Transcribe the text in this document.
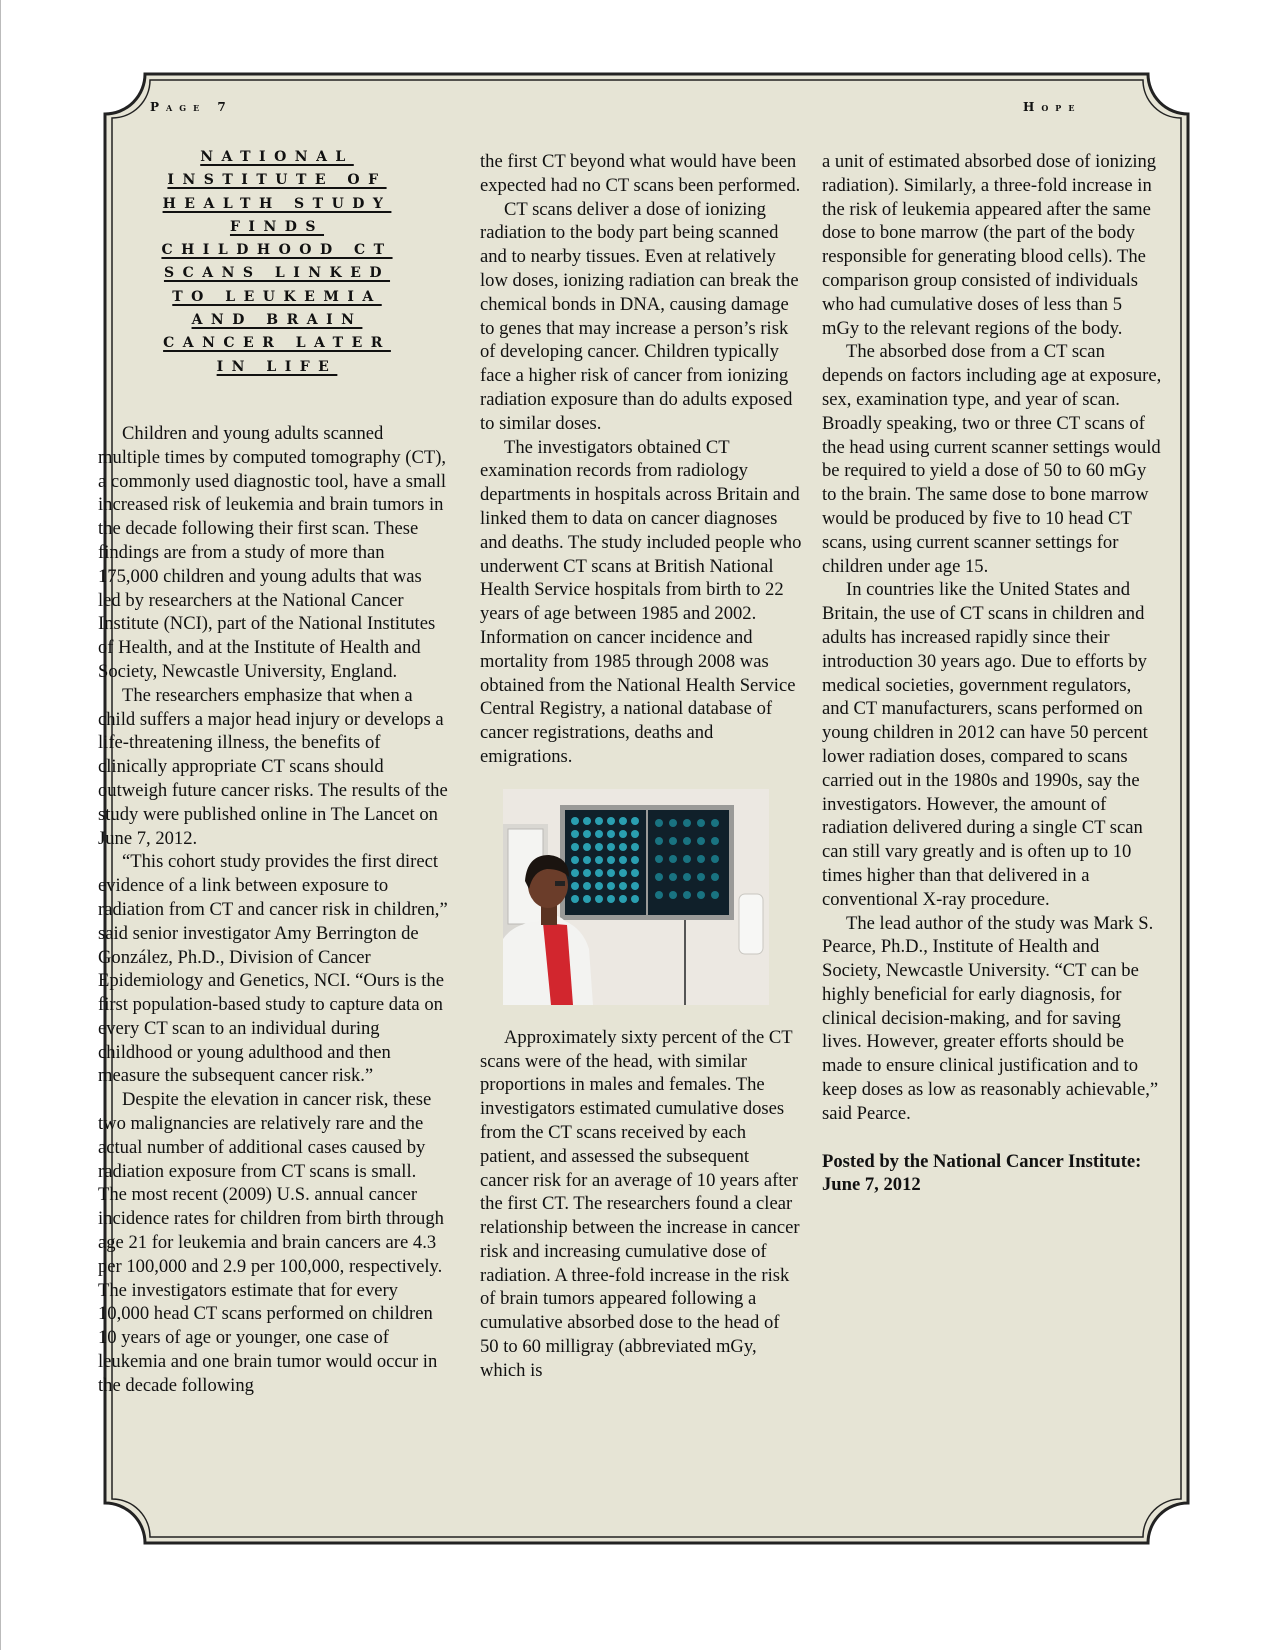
Page 7	Hope
NATIONAL
INSTITUTE OF
HEALTH STUDY
FINDS
CHILDHOOD CT
SCANS LINKED
TO LEUKEMIA
AND BRAIN
CANCER LATER
IN LIFE

Children and young adults scanned multiple times by computed tomography (CT), a commonly used diagnostic tool, have a small increased risk of leukemia and brain tumors in the decade following their first scan. These findings are from a study of more than 175,000 children and young adults that was led by researchers at the National Cancer Institute (NCI), part of the National Institutes of Health, and at the Institute of Health and Society, Newcastle University, England.

The researchers emphasize that when a child suffers a major head injury or develops a life-threatening illness, the benefits of clinically appropriate CT scans should outweigh future cancer risks. The results of the study were published online in The Lancet on June 7, 2012.

“This cohort study provides the first direct evidence of a link between exposure to radiation from CT and cancer risk in children,” said senior investigator Amy Berrington de González, Ph.D., Division of Cancer Epidemiology and Genetics, NCI. “Ours is the first population-based study to capture data on every CT scan to an individual during childhood or young adulthood and then measure the subsequent cancer risk.”

Despite the elevation in cancer risk, these two malignancies are relatively rare and the actual number of additional cases caused by radiation exposure from CT scans is small. The most recent (2009) U.S. annual cancer incidence rates for children from birth through age 21 for leukemia and brain cancers are 4.3 per 100,000 and 2.9 per 100,000, respectively. The investigators estimate that for every 10,000 head CT scans performed on children 10 years of age or younger, one case of leukemia and one brain tumor would occur in the decade following

the first CT beyond what would have been expected had no CT scans been performed.

CT scans deliver a dose of ionizing radiation to the body part being scanned and to nearby tissues. Even at relatively low doses, ionizing radiation can break the chemical bonds in DNA, causing damage to genes that may increase a person’s risk of developing cancer. Children typically face a higher risk of cancer from ionizing radiation exposure than do adults exposed to similar doses.

The investigators obtained CT examination records from radiology departments in hospitals across Britain and linked them to data on cancer diagnoses and deaths. The study included people who underwent CT scans at British National Health Service hospitals from birth to 22 years of age between 1985 and 2002. Information on cancer incidence and mortality from 1985 through 2008 was obtained from the National Health Service Central Registry, a national database of cancer registrations, deaths and emigrations.

Approximately sixty percent of the CT scans were of the head, with similar proportions in males and females. The investigators estimated cumulative doses from the CT scans received by each patient, and assessed the subsequent cancer risk for an average of 10 years after the first CT. The researchers found a clear relationship between the increase in cancer risk and increasing cumulative dose of radiation. A three-fold increase in the risk of brain tumors appeared following a cumulative absorbed dose to the head of 50 to 60 milligray (abbreviated mGy, which is

a unit of estimated absorbed dose of ionizing radiation). Similarly, a three-fold increase in the risk of leukemia appeared after the same dose to bone marrow (the part of the body responsible for generating blood cells). The comparison group consisted of individuals who had cumulative doses of less than 5 mGy to the relevant regions of the body.

The absorbed dose from a CT scan depends on factors including age at exposure, sex, examination type, and year of scan. Broadly speaking, two or three CT scans of the head using current scanner settings would be required to yield a dose of 50 to 60 mGy to the brain. The same dose to bone marrow would be produced by five to 10 head CT scans, using current scanner settings for children under age 15.

In countries like the United States and Britain, the use of CT scans in children and adults has increased rapidly since their introduction 30 years ago. Due to efforts by medical societies, government regulators, and CT manufacturers, scans performed on young children in 2012 can have 50 percent lower radiation doses, compared to scans carried out in the 1980s and 1990s, say the investigators. However, the amount of radiation delivered during a single CT scan can still vary greatly and is often up to 10 times higher than that delivered in a conventional X-ray procedure.

The lead author of the study was Mark S. Pearce, Ph.D., Institute of Health and Society, Newcastle University. “CT can be highly beneficial for early diagnosis, for clinical decision-making, and for saving lives. However, greater efforts should be made to ensure clinical justification and to keep doses as low as reasonably achievable,” said Pearce.

Posted by the National Cancer Institute: June 7, 2012
